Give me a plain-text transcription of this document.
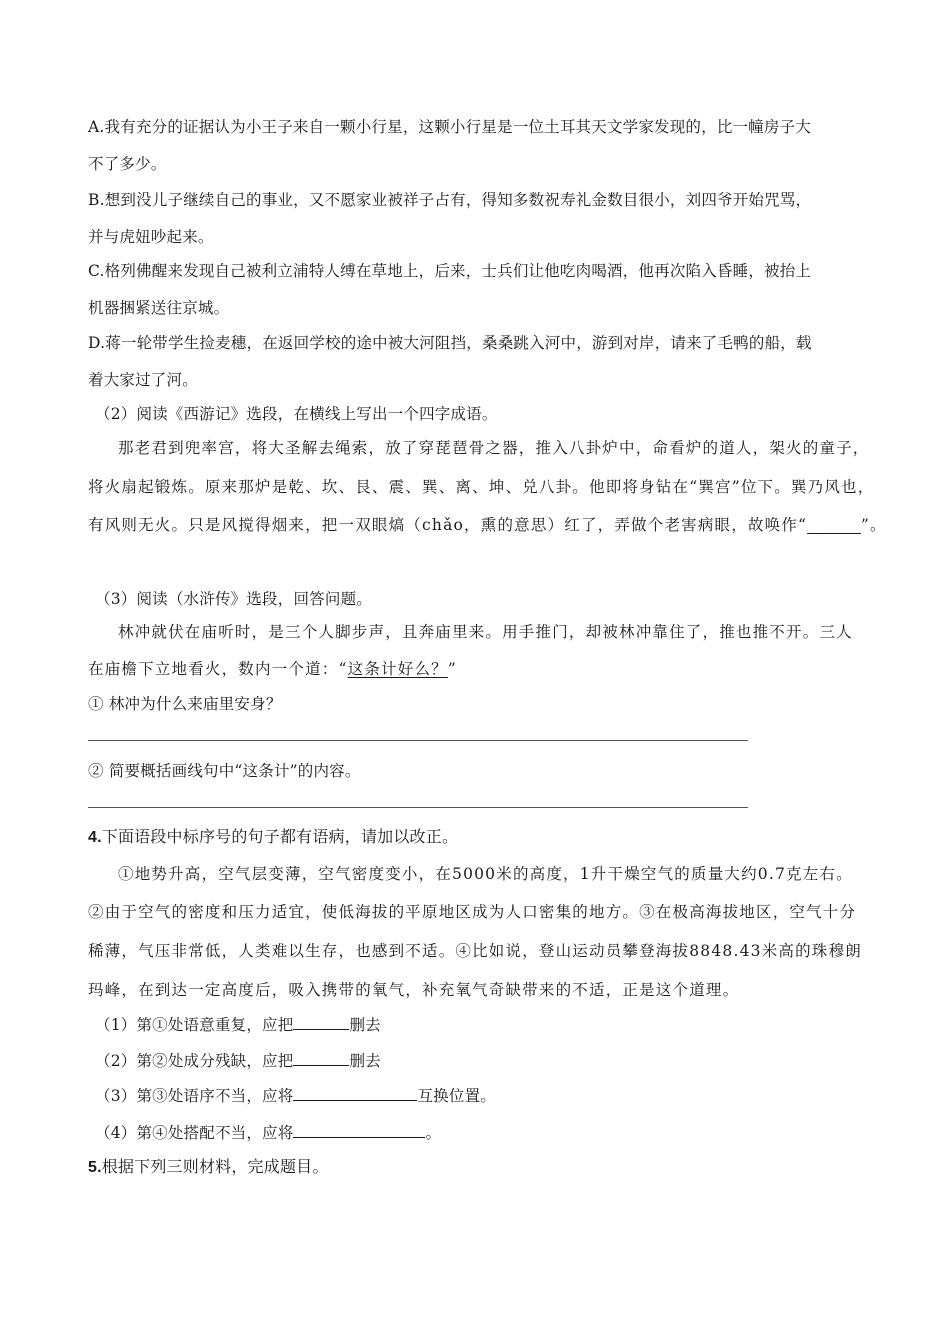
A.我有充分的证据认为小王子来自一颗小行星，这颗小行星是一位土耳其天文学家发现的，比一幢房子大
不了多少。
B.想到没儿子继续自己的事业，又不愿家业被祥子占有，得知多数祝寿礼金数目很小，刘四爷开始咒骂，
并与虎妞吵起来。
C.格列佛醒来发现自己被利立浦特人缚在草地上，后来，士兵们让他吃肉喝酒，他再次陷入昏睡，被抬上
机器捆紧送往京城。
D.蒋一轮带学生捡麦穗，在返回学校的途中被大河阻挡，桑桑跳入河中，游到对岸，请来了毛鸭的船，载
着大家过了河。
（2）阅读《西游记》选段，在横线上写出一个四字成语。
那老君到兜率宫，将大圣解去绳索，放了穿琵琶骨之器，推入八卦炉中，命看炉的道人，架火的童子，
将火扇起锻炼。原来那炉是乾、坎、艮、震、巽、离、坤、兑八卦。他即将身钻在“巽宫”位下。巽乃风也，
有风则无火。只是风搅得烟来，把一双眼熇（chǎo，熏的意思）红了，弄做个老害病眼，故唤作“______”。
（3）阅读（水浒传》选段，回答问题。
林冲就伏在庙听时，是三个人脚步声，且奔庙里来。用手推门，却被林冲靠住了，推也推不开。三人
在庙檐下立地看火，数内一个道：“这条计好么？”
① 林冲为什么来庙里安身？
② 简要概括画线句中“这条计”的内容。
4.下面语段中标序号的句子都有语病，请加以改正。
①地势升高，空气层变薄，空气密度变小，在5000米的高度，1升干燥空气的质量大约0.7克左右。
②由于空气的密度和压力适宜，使低海拔的平原地区成为人口密集的地方。③在极高海拔地区，空气十分
稀薄，气压非常低，人类难以生存，也感到不适。④比如说，登山运动员攀登海拔8848.43米高的珠穆朗
玛峰，在到达一定高度后，吸入携带的氧气，补充氧气奇缺带来的不适，正是这个道理。
（1）第①处语意重复，应把	删去
（2）第②处成分残缺，应把	删去
（3）第③处语序不当，应将	互换位置。
（4）第④处搭配不当，应将	。
5.根据下列三则材料，完成题目。
